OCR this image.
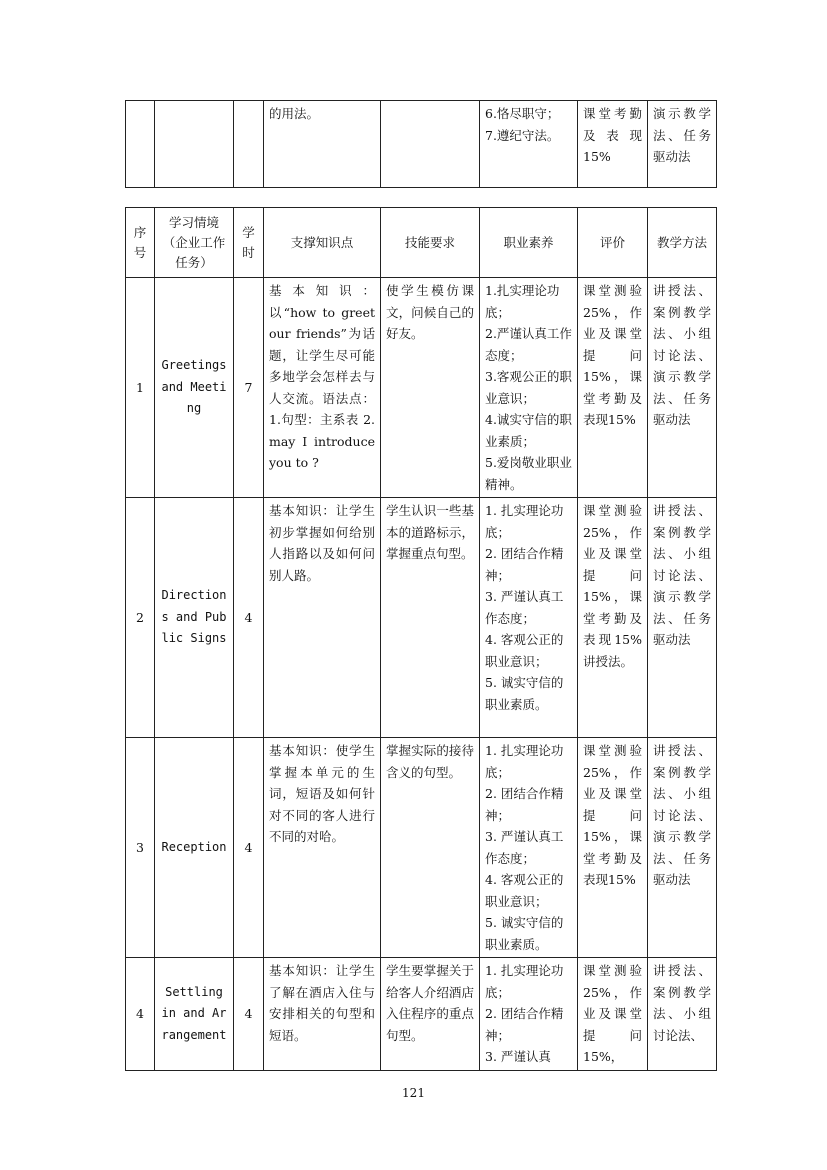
			的用法。		6.恪尽职守；
7.遵纪守法。	课堂考勤及表现15%	演示教学法、任务驱动法
序号	学习情境（企业工作任务）	学时	支撑知识点	技能要求	职业素养	评价	教学方法
1	Greetings and Meeting	7	基本知识：以“how to greet our friends”为话题，让学生尽可能多地学会怎样去与人交流。语法点：1.句型：主系表 2. may I introduce you to ?	使学生模仿课文，问候自己的好友。	1.扎实理论功底；
2.严谨认真工作态度；
3.客观公正的职业意识；
4.诚实守信的职业素质；
5.爱岗敬业职业精神。	课堂测验25%，作业及课堂提问15%，课堂考勤及表现15%	讲授法、案例教学法、小组讨论法、演示教学法、任务驱动法
2	Directions and Public Signs	4	基本知识：让学生初步掌握如何给别人指路以及如何问别人路。	学生认识一些基本的道路标示，掌握重点句型。	1. 扎实理论功底；
2. 团结合作精神；
3. 严谨认真工作态度；
4. 客观公正的职业意识；
5. 诚实守信的职业素质。	课堂测验25%，作业及课堂提问15%，课堂考勤及表现15%讲授法。	讲授法、案例教学法、小组讨论法、演示教学法、任务驱动法
3	Reception	4	基本知识：使学生掌握本单元的生词，短语及如何针对不同的客人进行不同的对哈。	掌握实际的接待含义的句型。	1. 扎实理论功底；
2. 团结合作精神；
3. 严谨认真工作态度；
4. 客观公正的职业意识；
5. 诚实守信的职业素质。	课堂测验25%，作业及课堂提问15%，课堂考勤及表现15%	讲授法、案例教学法、小组讨论法、演示教学法、任务驱动法
4	Settling in and Arrangement	4	基本知识：让学生了解在酒店入住与安排相关的句型和短语。	学生要掌握关于给客人介绍酒店入住程序的重点句型。	1. 扎实理论功底；
2. 团结合作精神；
3. 严谨认真	课堂测验25%，作业及课堂提问15%，	讲授法、案例教学法、小组讨论法、
121
